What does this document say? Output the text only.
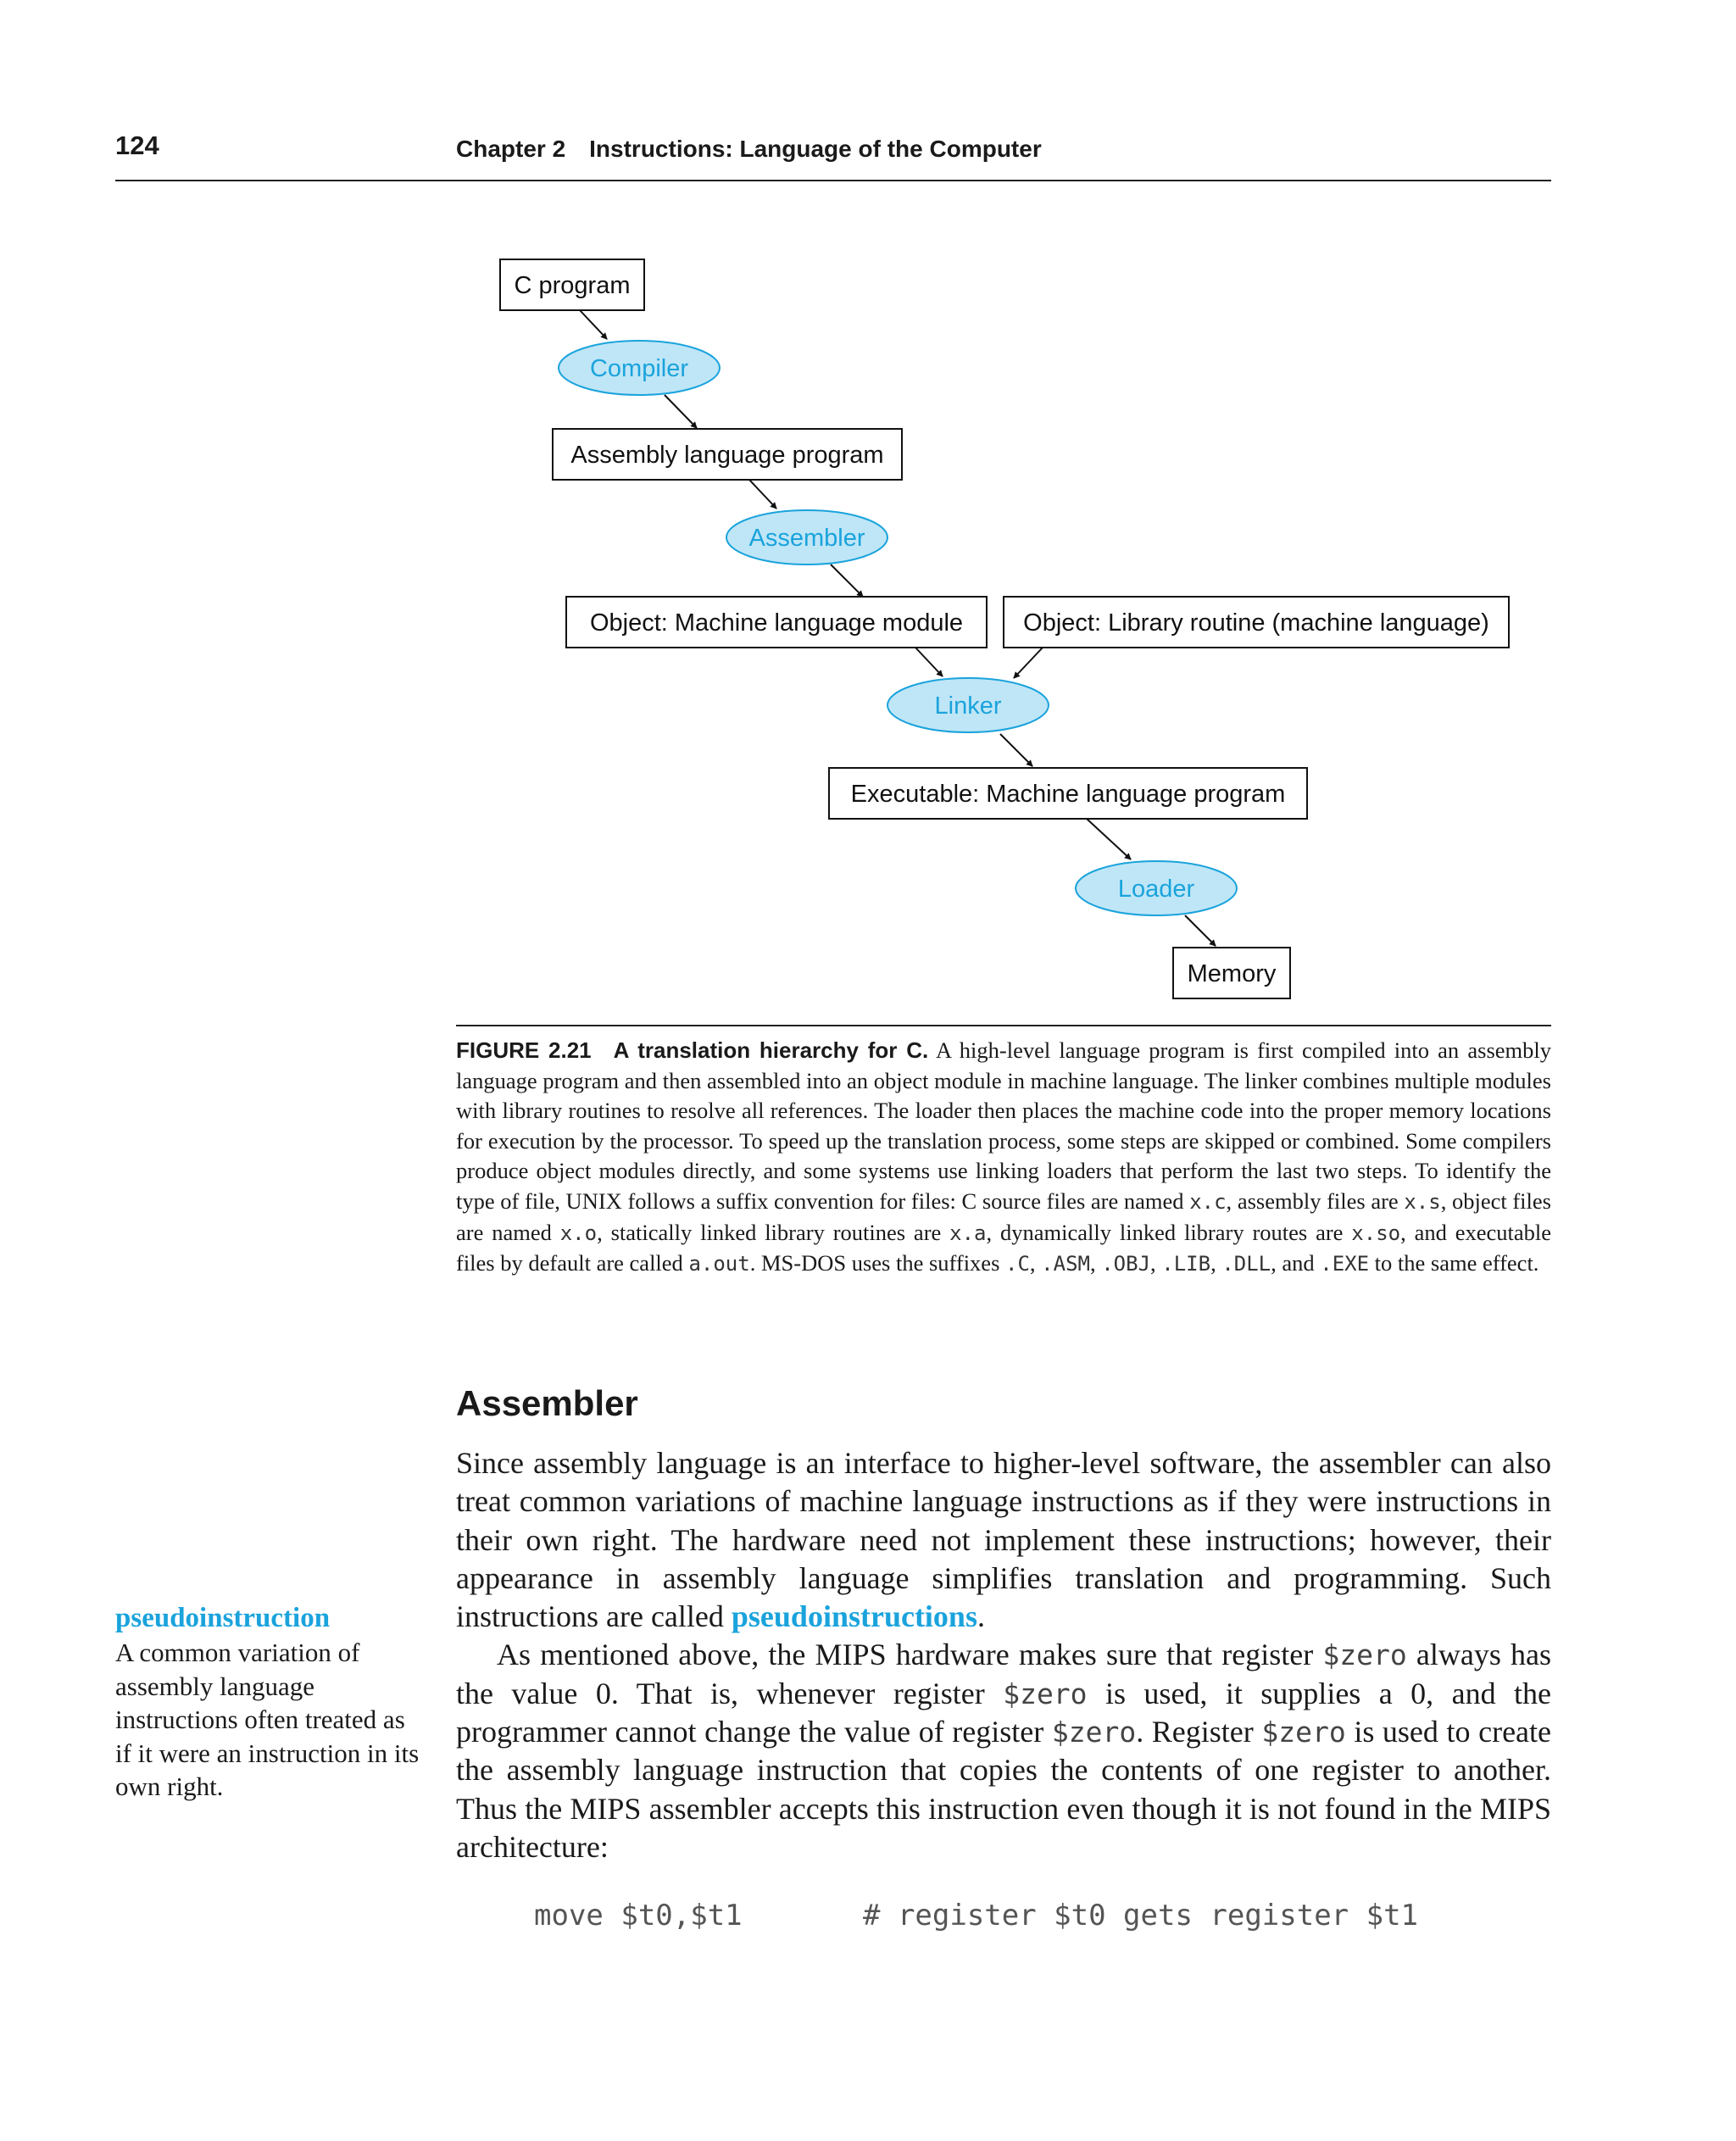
124	Chapter 2 Instructions: Language of the Computer
C program
Assembly language program
Object: Machine language module Object: Library routine (machine language)
Executable: Machine language program
Memory
Compiler
Assembler
Linker
Loader
FIGURE 2.21 A translation hierarchy for C. A high-level language program is first compiled into an assembly language program and then assembled into an object module in machine language. The linker combines multiple modules with library routines to resolve all references. The loader then places the machine code into the proper memory locations for execution by the processor. To speed up the translation process, some steps are skipped or combined. Some compilers produce object modules directly, and some systems use linking loaders that perform the last two steps. To identify the type of file, UNIX follows a suffix convention for files: C source files are named x.c, assembly files are x.s, object files are named x.o, statically linked library routines are x.a, dynamically linked library routes are x.so, and executable files by default are called a.out. MS-DOS uses the suffixes .C, .ASM, .OBJ, .LIB, .DLL, and .EXE to the same effect.
Assembler

Since assembly language is an interface to higher-level software, the assembler can also treat common variations of machine language instructions as if they were instructions in their own right. The hardware need not implement these instructions; however, their appearance in assembly language simplifies translation and programming. Such instructions are called pseudoinstructions.

As mentioned above, the MIPS hardware makes sure that register $zero always has the value 0. That is, whenever register $zero is used, it supplies a 0, and the programmer cannot change the value of register $zero. Register $zero is used to create the assembly language instruction that copies the contents of one register to another. Thus the MIPS assembler accepts this instruction even though it is not found in the MIPS architecture:

pseudoinstruction
A common variation of assembly language instructions often treated as if it were an instruction in its own right.
move $t0,$t1	# register $t0 gets register $t1
